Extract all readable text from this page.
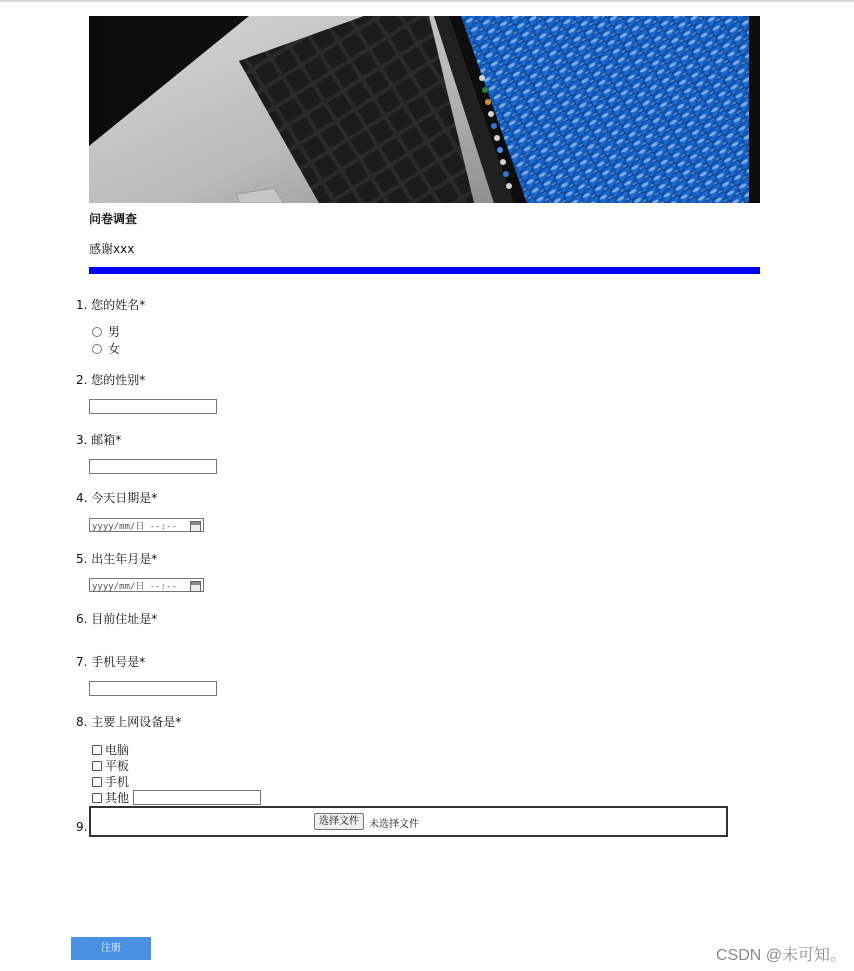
问卷调查
感谢xxx
1. 您的姓名*
男
女
2. 您的性别*
3. 邮箱*
4. 今天日期是*
yyyy/mm/日 --:--
5. 出生年月是*
yyyy/mm/日 --:--
6. 目前住址是*
7. 手机号是*
8. 主要上网设备是*
电脑
平板
手机
其他
9.	选择文件	未选择文件
注册	CSDN @未可知。
